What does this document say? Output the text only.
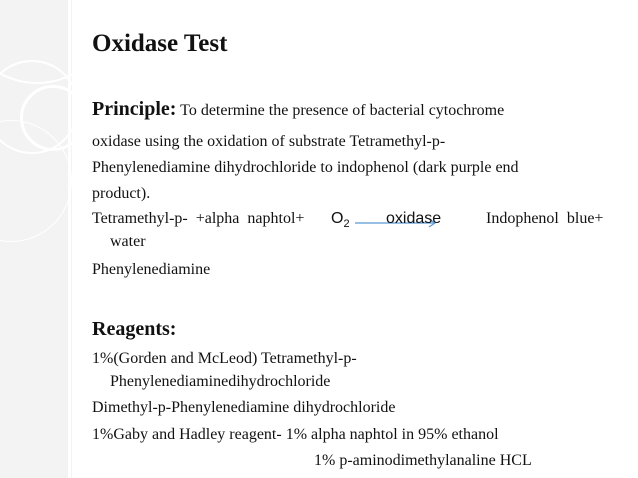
Oxidase Test

Principle: To determine the presence of bacterial cytochrome

oxidase using the oxidation of substrate Tetramethyl-p-

Phenylenediamine dihydrochloride to indophenol (dark purple end

product).

Tetramethyl-p-  +alpha  naphtol+ $O_2$ oxidase	Indophenol  blue+

water

Phenylenediamine

Reagents:

1%(Gorden and McLeod) Tetramethyl-p-

Phenylenediaminedihydrochloride

Dimethyl-p-Phenylenediamine dihydrochloride

1%Gaby and Hadley reagent- 1% alpha naphtol in 95% ethanol

1% p-aminodimethylanaline HCL
